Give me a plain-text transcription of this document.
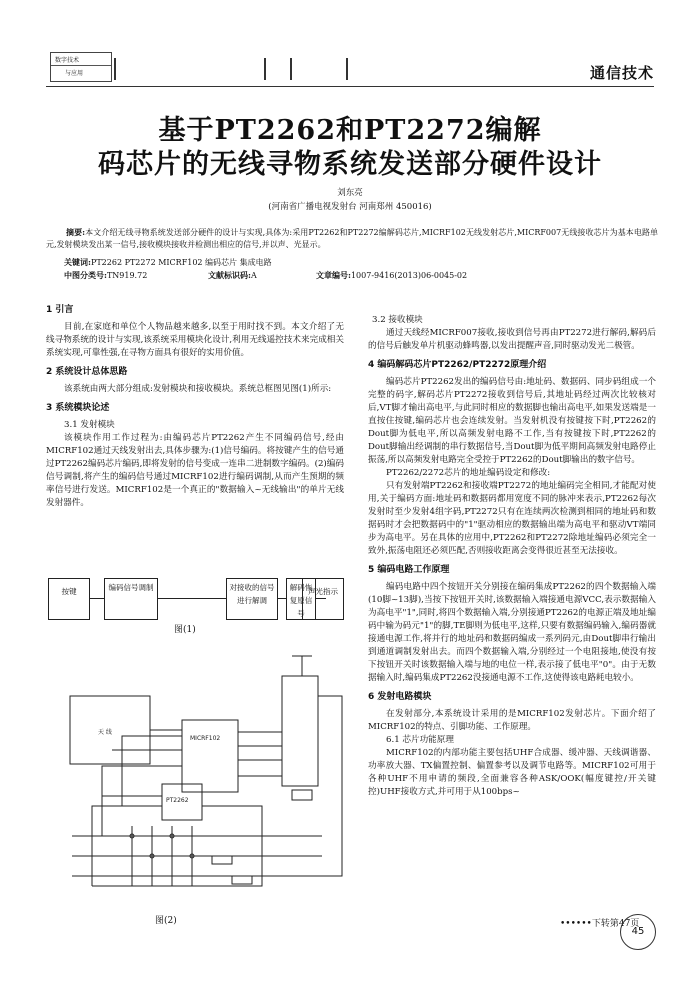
数字技术
与应用	通信技术
基于PT2262和PT2272编解
码芯片的无线寻物系统发送部分硬件设计
刘东亮
(河南省广播电视发射台 河南郑州 450016)
摘要:本文介绍无线寻物系统发送部分硬件的设计与实现,具体为:采用PT2262和PT2272编解码芯片,MICRF102无线发射芯片,MICRF007无线接收芯片为基本电路单元,发射模块发出某一信号,接收模块接收并检测出相应的信号,并以声、光显示。
关键词:PT2262 PT2272 MICRF102 编码芯片 集成电路
中图分类号:TN919.72	文献标识码:A	文章编号:1007-9416(2013)06-0045-02
1 引言

目前,在家庭和单位个人物品越来越多,以至于用时找不到。本文介绍了无线寻物系统的设计与实现,该系统采用模块化设计,利用无线遥控技术来完成相关系统实现,可靠性强,在寻物方面具有很好的实用价值。

2 系统设计总体思路

该系统由两大部分组成:发射模块和接收模块。系统总框图见图(1)所示:

3 系统模块论述
3.1 发射模块

该模块作用工作过程为:由编码芯片PT2262产生不同编码信号,经由MICRF102通过天线发射出去,具体步骤为:(1)信号编码。将按键产生的信号通过PT2262编码芯片编码,即将发射的信号变成一连串二进制数字编码。(2)编码信号调制,将产生的编码信号通过MICRF102进行编码调制,从而产生预期的频率信号进行发送。MICRF102是一个真正的"数据输入~无线输出"的单片无线发射器件。

按键	编码信号调制	对接收的信号进行解调
解码恢复原信号
声光指示
图(1)
天 线
MICRF102
PT2262
图(2)
3.2 接收模块

通过天线经MICRF007接收,接收到信号再由PT2272进行解码,解码后的信号后触发单片机驱动蜂鸣器,以发出提醒声音,同时驱动发光二极管。

4 编码解码芯片PT2262/PT2272原理介绍

编码芯片PT2262发出的编码信号由:地址码、数据码、同步码组成一个完整的码字,解码芯片PT2272接收到信号后,其地址码经过两次比较核对后,VT脚才输出高电平,与此同时相应的数据脚也输出高电平,如果发送端是一直按住按键,编码芯片也会连续发射。当发射机没有按键按下时,PT2262的Dout脚为低电平,所以高频发射电路不工作,当有按键按下时,PT2262的Dout脚输出经调制的串行数据信号,当Dout脚为低平期间高频发射电路停止振荡,所以高频发射电路完全受控于PT2262的Dout脚输出的数字信号。

PT2262/2272芯片的地址编码设定和修改:

只有发射端PT2262和接收端PT2272的地址编码完全相同,才能配对使用,关于编码方面:地址码和数据码都用宽度不同的脉冲来表示,PT2262每次发射时至少发射4组字码,PT2272只有在连续两次检测到相同的地址码和数据码时才会把数据码中的"1"驱动相应的数据输出端为高电平和驱动VT端同步为高电平。另在具体的应用中,PT2262和PT2272除地址编码必须完全一致外,振荡电阻还必须匹配,否则接收距离会变得很近甚至无法接收。

5 编码电路工作原理

编码电路中四个按钮开关分别接在编码集成PT2262的四个数据输入端(10脚~13脚),当按下按钮开关时,该数据输入端接通电源VCC,表示数据输入为高电平"1",同时,将四个数据输入端,分别接通PT2262的电源正端及地址编码中输为码元"1"的脚,TE脚则为低电平,这样,只要有数据编码输入,编码器就接通电源工作,将并行的地址码和数据码编成一系列码元,由Dout脚串行输出到通道调制发射出去。而四个数据输入端,分别经过一个电阻接地,使没有按下按钮开关时该数据输入端与地的电位一样,表示接了低电平"0"。由于无数据输入时,编码集成PT2262没接通电源不工作,这使得该电路耗电较小。

6 发射电路模块

在发射部分,本系统设计采用的是MICRF102发射芯片。下面介绍了MICRF102的特点、引脚功能、工作原理。

6.1 芯片功能原理

MICRF102的内部功能主要包括UHF合成器、缓冲器、天线调谐器、功率放大器、TX偏置控制、偏置参考以及调节电路等。MICRF102可用于各种UHF不用申请的频段,全面兼容各种ASK/OOK(幅度键控/开关键控)UHF接收方式,并可用于从100bps~

••••••下转第47页
45
